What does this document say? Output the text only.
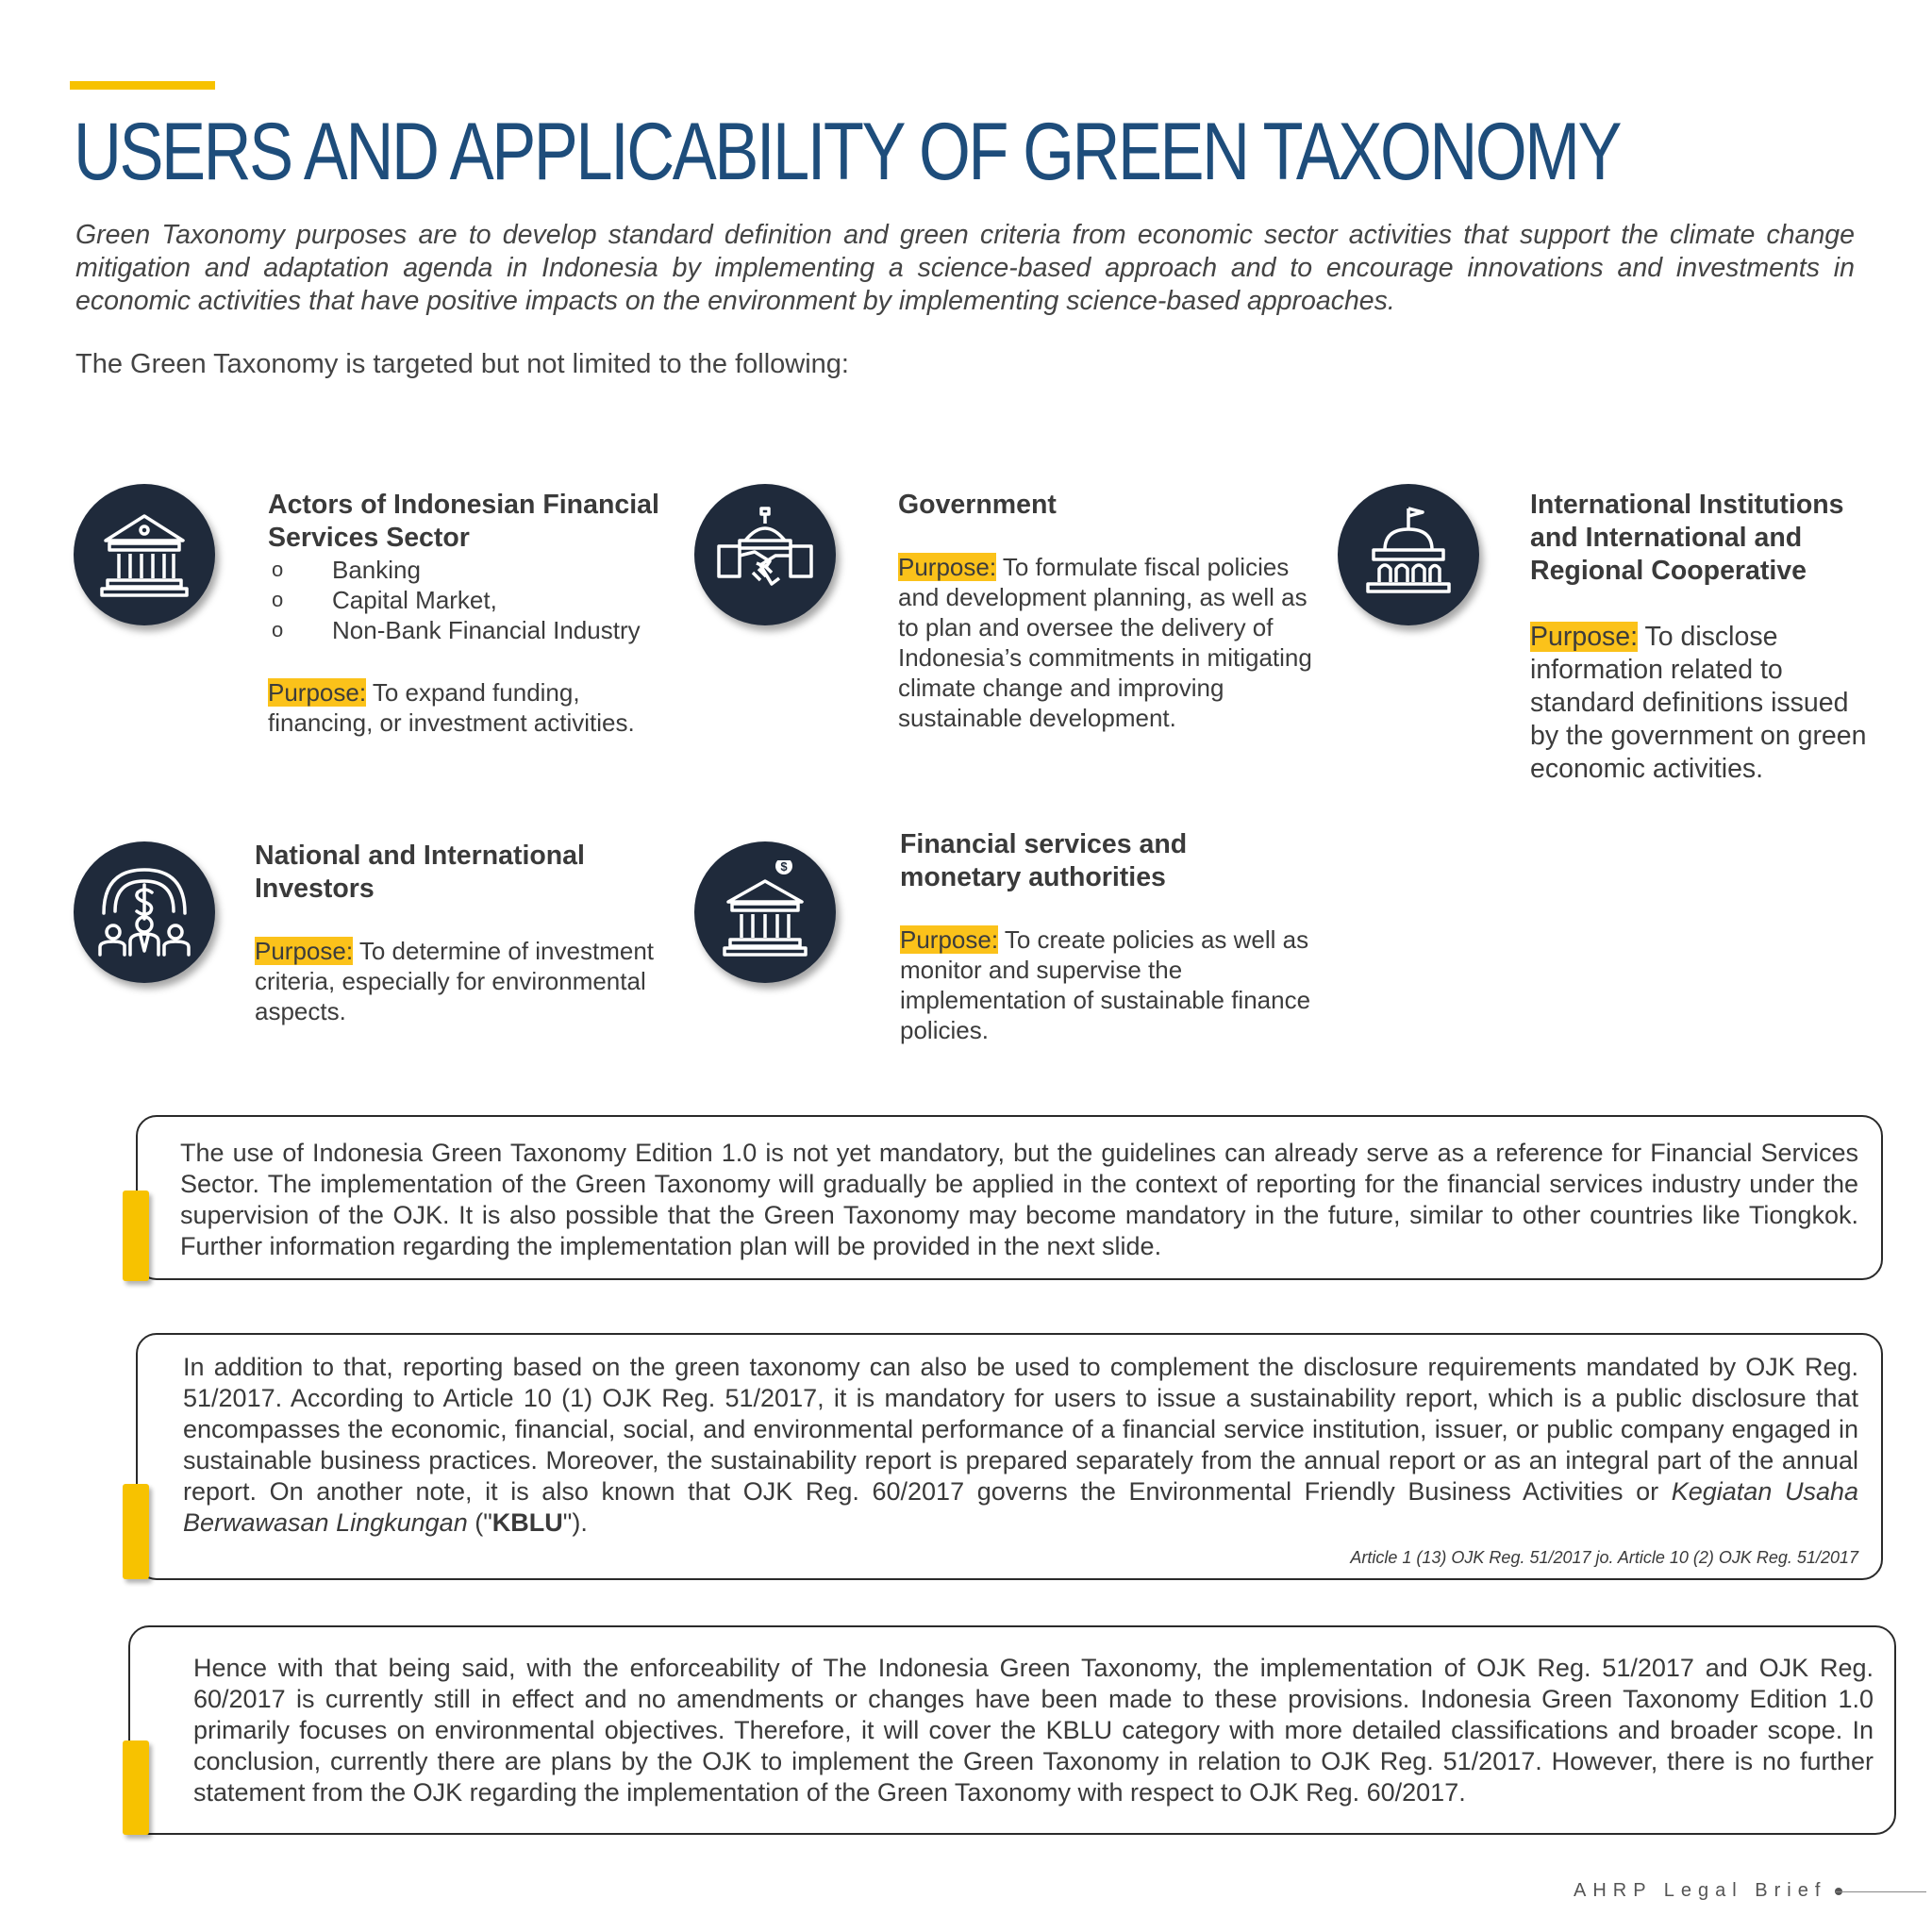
USERS AND APPLICABILITY OF GREEN TAXONOMY

Green Taxonomy purposes are to develop standard definition and green criteria from economic sector activities that support the climate change mitigation and adaptation agenda in Indonesia by implementing a science-based approach and to encourage innovations and investments in economic activities that have positive impacts on the environment by implementing science-based approaches.

The Green Taxonomy is targeted but not limited to the following:

Actors of Indonesian Financial Services Sector
o	Banking
o	Capital Market,
o	Non-Bank Financial Industry

Purpose: To expand funding, financing, or investment activities.

Government

Purpose: To formulate fiscal policies and development planning, as well as to plan and oversee the delivery of Indonesia’s commitments in mitigating climate change and improving sustainable development.

International Institutions and International and Regional Cooperative

Purpose: To disclose information related to standard definitions issued by the government on green economic activities.

National and International Investors

Purpose: To determine of investment criteria, especially for environmental aspects.

$
Financial services and monetary authorities

Purpose: To create policies as well as monitor and supervise the implementation of sustainable finance policies.

The use of Indonesia Green Taxonomy Edition 1.0 is not yet mandatory, but the guidelines can already serve as a reference for Financial Services Sector. The implementation of the Green Taxonomy will gradually be applied in the context of reporting for the financial services industry under the supervision of the OJK. It is also possible that the Green Taxonomy may become mandatory in the future, similar to other countries like Tiongkok. Further information regarding the implementation plan will be provided in the next slide.

In addition to that, reporting based on the green taxonomy can also be used to complement the disclosure requirements mandated by OJK Reg. 51/2017. According to Article 10 (1) OJK Reg. 51/2017, it is mandatory for users to issue a sustainability report, which is a public disclosure that encompasses the economic, financial, social, and environmental performance of a financial service institution, issuer, or public company engaged in sustainable business practices. Moreover, the sustainability report is prepared separately from the annual report or as an integral part of the annual report. On another note, it is also known that OJK Reg. 60/2017 governs the Environmental Friendly Business Activities or Kegiatan Usaha Berwawasan Lingkungan ("KBLU").

Article 1 (13) OJK Reg. 51/2017 jo. Article 10 (2) OJK Reg. 51/2017

Hence with that being said, with the enforceability of The Indonesia Green Taxonomy, the implementation of OJK Reg. 51/2017 and OJK Reg. 60/2017 is currently still in effect and no amendments or changes have been made to these provisions. Indonesia Green Taxonomy Edition 1.0 primarily focuses on environmental objectives. Therefore, it will cover the KBLU category with more detailed classifications and broader scope. In conclusion, currently there are plans by the OJK to implement the Green Taxonomy in relation to OJK Reg. 51/2017. However, there is no further statement from the OJK regarding the implementation of the Green Taxonomy with respect to OJK Reg. 60/2017.

AHRP Legal Brief
